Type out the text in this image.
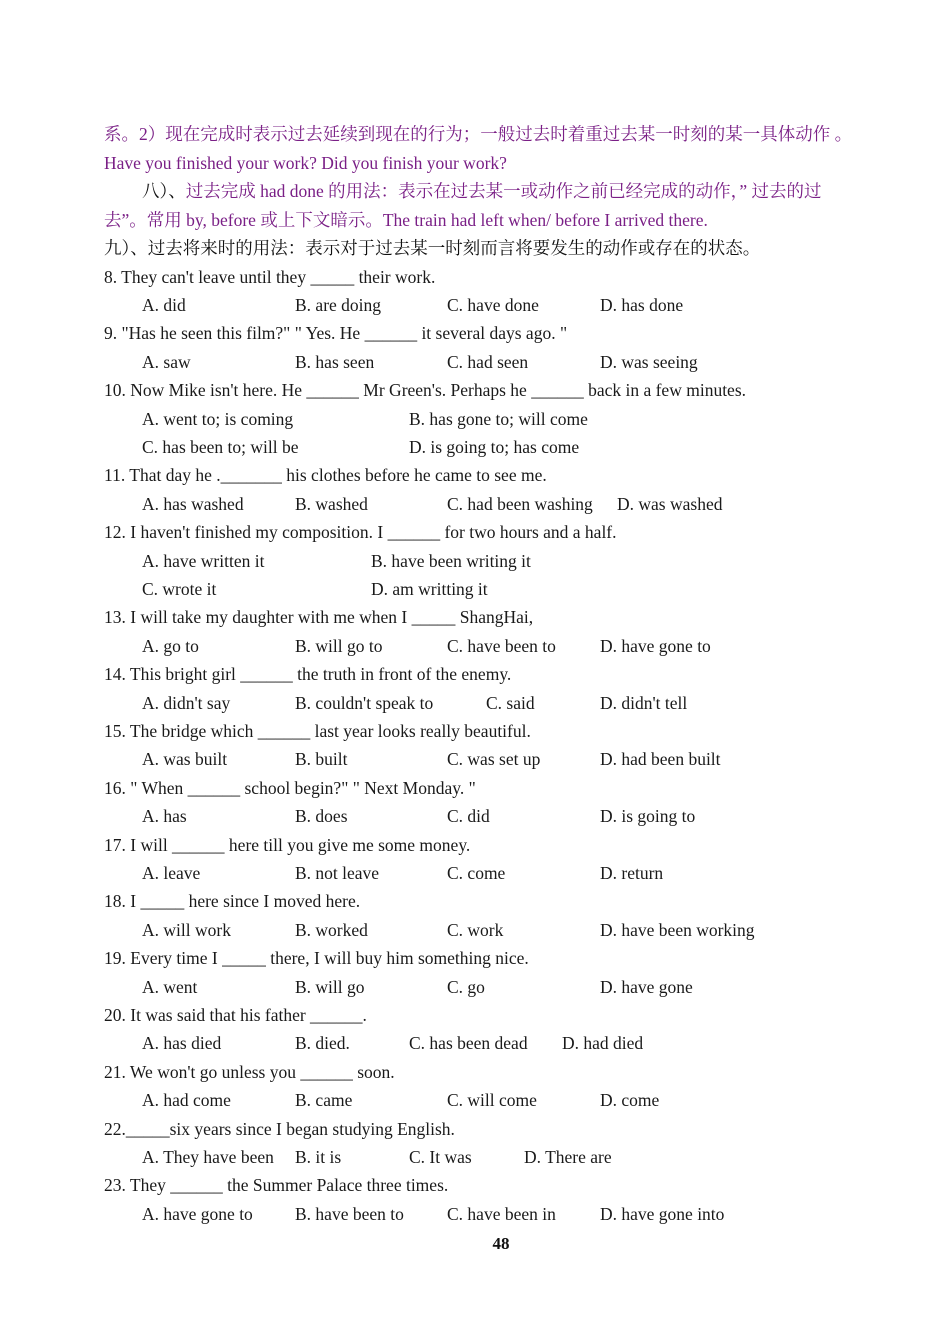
系。2）现在完成时表示过去延续到现在的行为；一般过去时着重过去某一时刻的某一具体动作 。
Have you finished your work? Did you finish your work?
八）、过去完成 had done 的用法：表示在过去某一或动作之前已经完成的动作，” 过去的过
去”。常用 by, before 或上下文暗示。The train had left when/ before I arrived there.
九）、过去将来时的用法：表示对于过去某一时刻而言将要发生的动作或存在的状态。
8. They can't leave until they _____ their work.
A. did	B. are doing	C. have done	D. has done
9. "Has he seen this film?" " Yes. He ______ it several days ago. "
A. saw	B. has seen	C. had seen	D. was seeing
10. Now Mike isn't here. He ______ Mr Green's. Perhaps he ______ back in a few minutes.
A. went to; is coming	B. has gone to; will come
C. has been to; will be	D. is going to; has come
11. That day he ._______ his clothes before he came to see me.
A. has washed	B. washed	C. had been washing D. was washed
12. I haven't finished my composition. I ______ for two hours and a half.
A. have written it	B. have been writing it
C. wrote it	D. am writting it
13. I will take my daughter with me when I _____ ShangHai,
A. go to	B. will go to	C. have been to	D. have gone to
14. This bright girl ______ the truth in front of the enemy.
A. didn't say	B. couldn't speak to	C. said	D. didn't tell
15. The bridge which ______ last year looks really beautiful.
A. was built	B. built	C. was set up	D. had been built
16. " When ______ school begin?" " Next Monday. "
A. has	B. does	C. did	D. is going to
17. I will ______ here till you give me some money.
A. leave	B. not leave	C. come	D. return
18. I _____ here since I moved here.
A. will work	B. worked	C. work	D. have been working
19. Every time I _____ there, I will buy him something nice.
A. went	B. will go	C. go	D. have gone
20. It was said that his father ______.
A. has died	B. died.	C. has been dead D. had died
21. We won't go unless you ______ soon.
A. had come	B. came	C. will come	D. come
22._____six years since I began studying English.
A. They have been B. it is	C. It was	D. There are
23. They ______ the Summer Palace three times.
A. have gone to B. have been to C. have been in	D. have gone into
48
